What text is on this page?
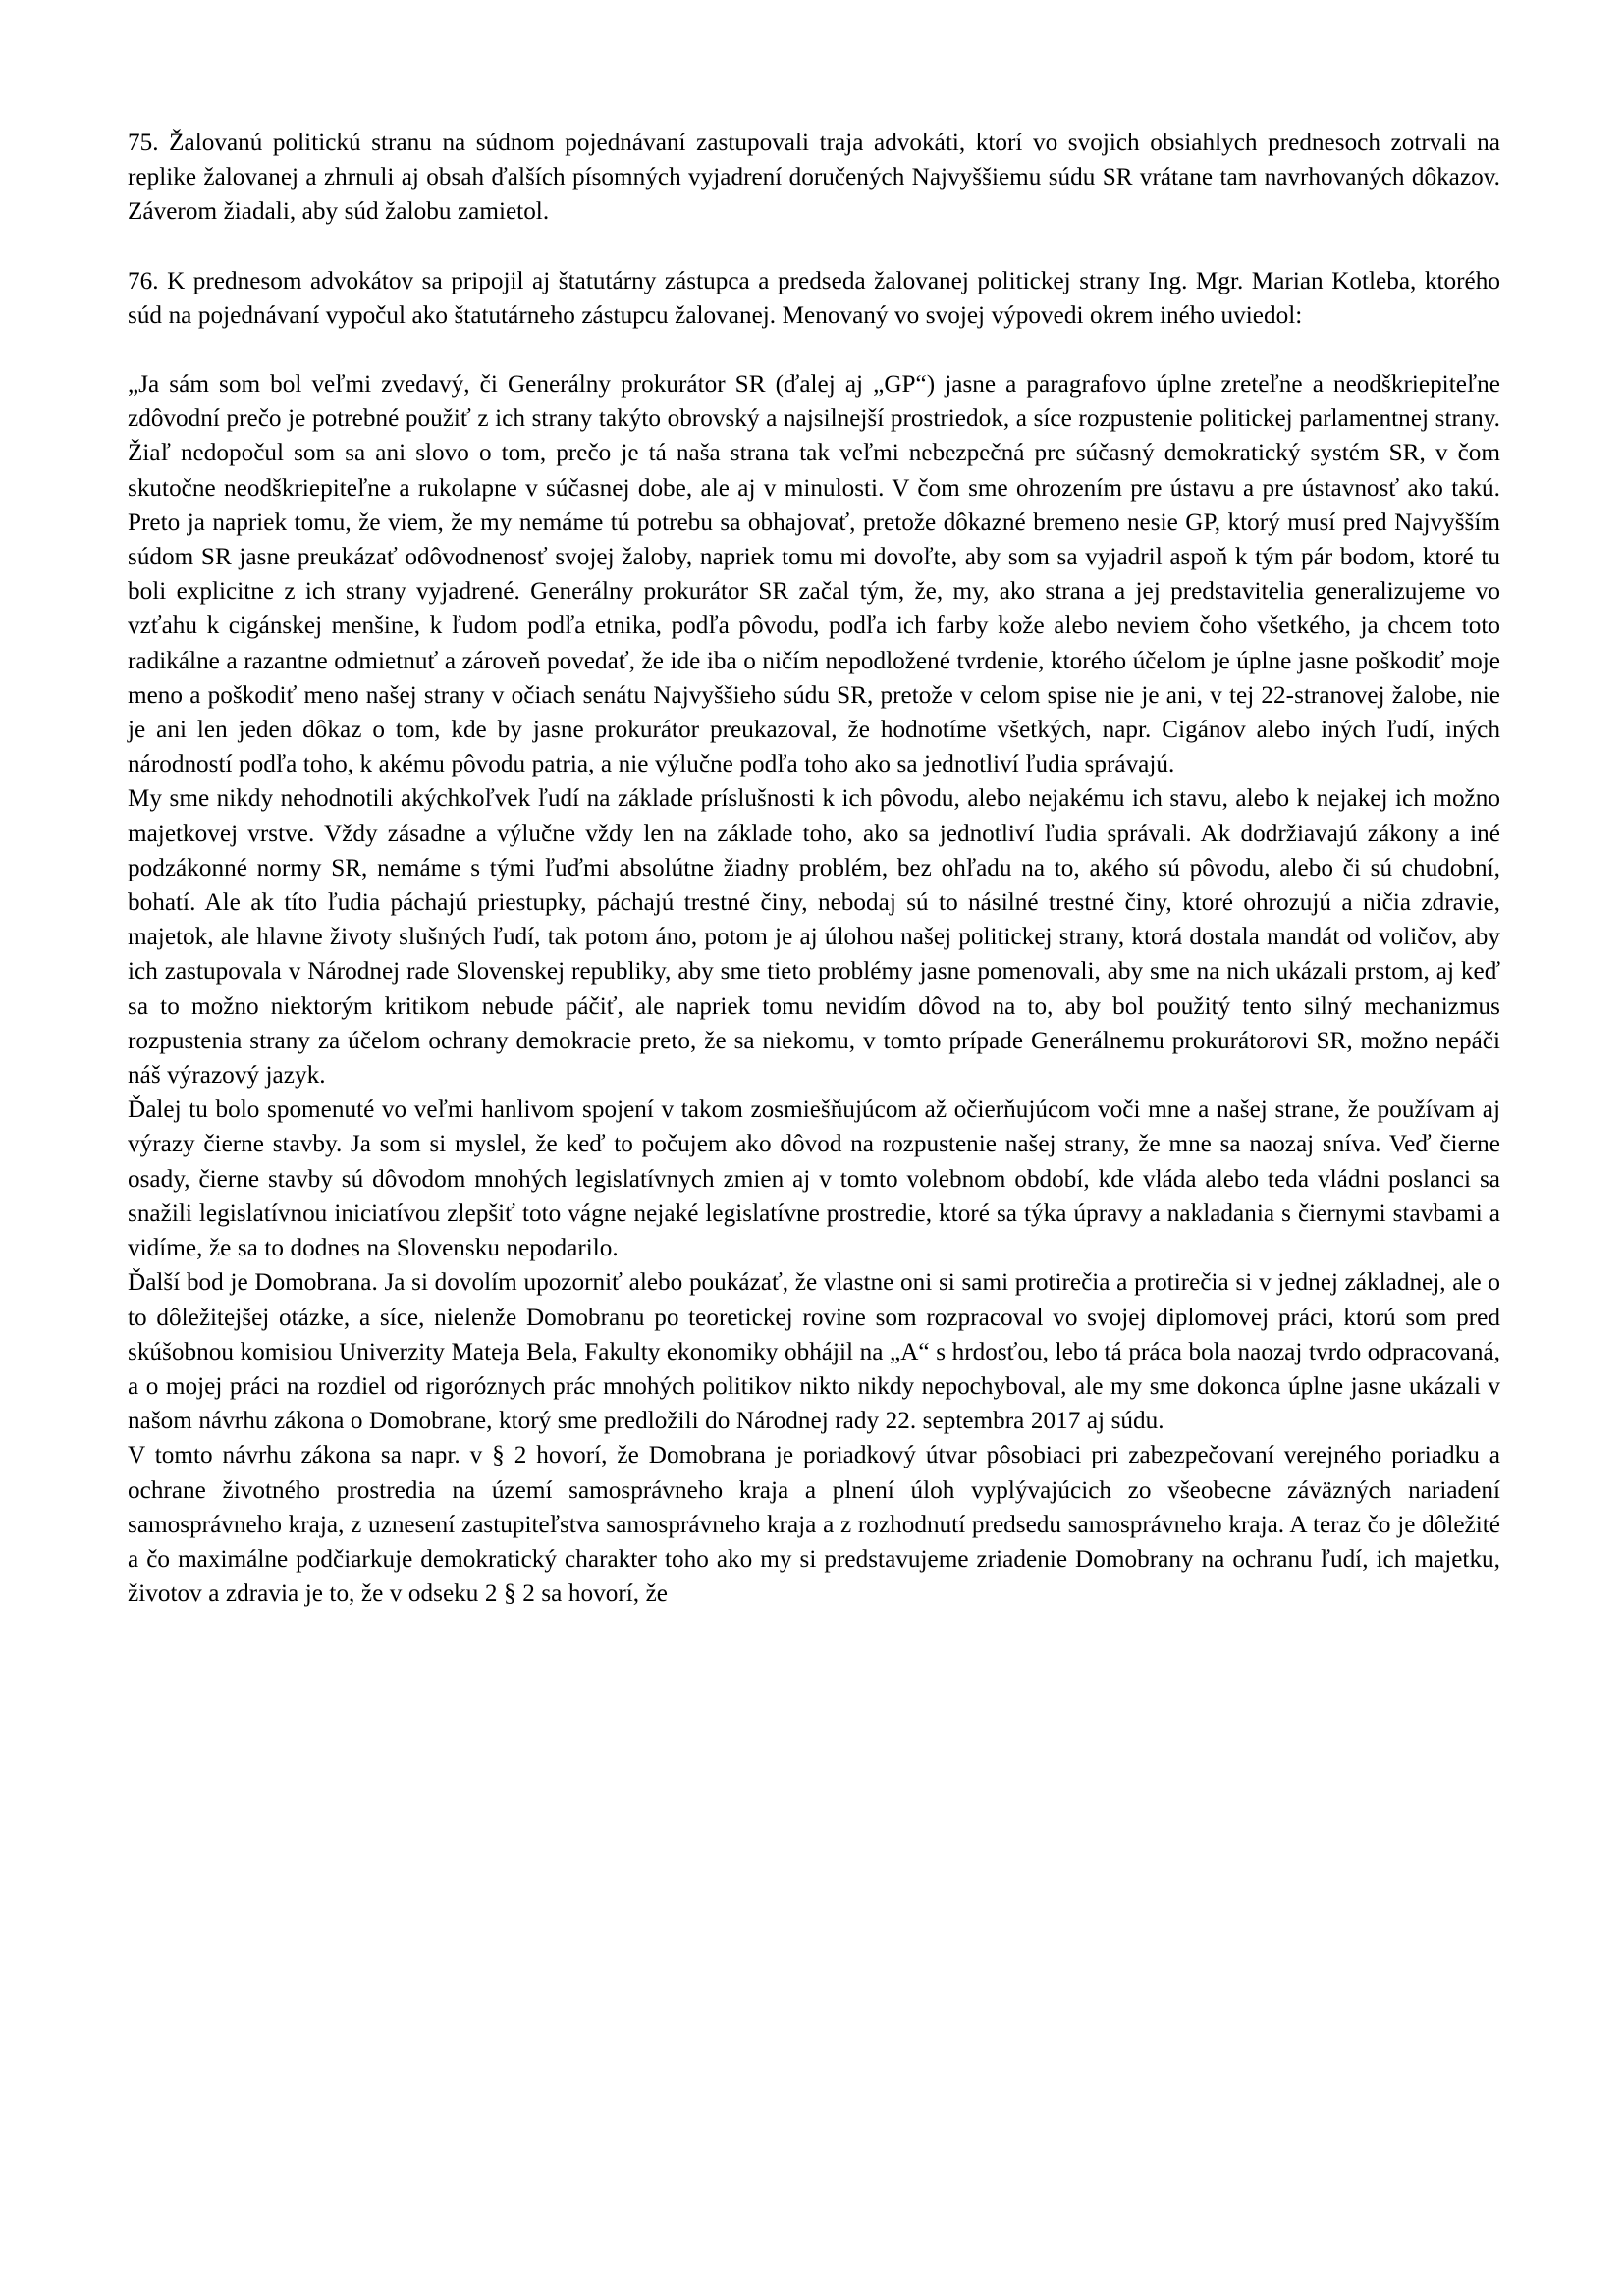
75. Žalovanú politickú stranu na súdnom pojednávaní zastupovali traja advokáti, ktorí vo svojich obsiahlych prednesoch zotrvali na replike žalovanej a zhrnuli aj obsah ďalších písomných vyjadrení doručených Najvyššiemu súdu SR vrátane tam navrhovaných dôkazov. Záverom žiadali, aby súd žalobu zamietol.

76. K prednesom advokátov sa pripojil aj štatutárny zástupca a predseda žalovanej politickej strany Ing. Mgr. Marian Kotleba, ktorého súd na pojednávaní vypočul ako štatutárneho zástupcu žalovanej. Menovaný vo svojej výpovedi okrem iného uviedol:

„Ja sám som bol veľmi zvedavý, či Generálny prokurátor SR (ďalej aj „GP“) jasne a paragrafovo úplne zreteľne a neodškriepiteľne zdôvodní prečo je potrebné použiť z ich strany takýto obrovský a najsilnejší prostriedok, a síce rozpustenie politickej parlamentnej strany. Žiaľ nedopočul som sa ani slovo o tom, prečo je tá naša strana tak veľmi nebezpečná pre súčasný demokratický systém SR, v čom skutočne neodškriepiteľne a rukolapne v súčasnej dobe, ale aj v minulosti. V čom sme ohrozením pre ústavu a pre ústavnosť ako takú. Preto ja napriek tomu, že viem, že my nemáme tú potrebu sa obhajovať, pretože dôkazné bremeno nesie GP, ktorý musí pred Najvyšším súdom SR jasne preukázať odôvodnenosť svojej žaloby, napriek tomu mi dovoľte, aby som sa vyjadril aspoň k tým pár bodom, ktoré tu boli explicitne z ich strany vyjadrené. Generálny prokurátor SR začal tým, že, my, ako strana a jej predstavitelia generalizujeme vo vzťahu k cigánskej menšine, k ľudom podľa etnika, podľa pôvodu, podľa ich farby kože alebo neviem čoho všetkého, ja chcem toto radikálne a razantne odmietnuť a zároveň povedať, že ide iba o ničím nepodložené tvrdenie, ktorého účelom je úplne jasne poškodiť moje meno a poškodiť meno našej strany v očiach senátu Najvyššieho súdu SR, pretože v celom spise nie je ani, v tej 22-stranovej žalobe, nie je ani len jeden dôkaz o tom, kde by jasne prokurátor preukazoval, že hodnotíme všetkých, napr. Cigánov alebo iných ľudí, iných národností podľa toho, k akému pôvodu patria, a nie výlučne podľa toho ako sa jednotliví ľudia správajú.

My sme nikdy nehodnotili akýchkoľvek ľudí na základe príslušnosti k ich pôvodu, alebo nejakému ich stavu, alebo k nejakej ich možno majetkovej vrstve. Vždy zásadne a výlučne vždy len na základe toho, ako sa jednotliví ľudia správali. Ak dodržiavajú zákony a iné podzákonné normy SR, nemáme s tými ľuďmi absolútne žiadny problém, bez ohľadu na to, akého sú pôvodu, alebo či sú chudobní, bohatí. Ale ak títo ľudia páchajú priestupky, páchajú trestné činy, nebodaj sú to násilné trestné činy, ktoré ohrozujú a ničia zdravie, majetok, ale hlavne životy slušných ľudí, tak potom áno, potom je aj úlohou našej politickej strany, ktorá dostala mandát od voličov, aby ich zastupovala v Národnej rade Slovenskej republiky, aby sme tieto problémy jasne pomenovali, aby sme na nich ukázali prstom, aj keď sa to možno niektorým kritikom nebude páčiť, ale napriek tomu nevidím dôvod na to, aby bol použitý tento silný mechanizmus rozpustenia strany za účelom ochrany demokracie preto, že sa niekomu, v tomto prípade Generálnemu prokurátorovi SR, možno nepáči náš výrazový jazyk.

Ďalej tu bolo spomenuté vo veľmi hanlivom spojení v takom zosmiešňujúcom až očierňujúcom voči mne a našej strane, že používam aj výrazy čierne stavby. Ja som si myslel, že keď to počujem ako dôvod na rozpustenie našej strany, že mne sa naozaj sníva. Veď čierne osady, čierne stavby sú dôvodom mnohých legislatívnych zmien aj v tomto volebnom období, kde vláda alebo teda vládni poslanci sa snažili legislatívnou iniciatívou zlepšiť toto vágne nejaké legislatívne prostredie, ktoré sa týka úpravy a nakladania s čiernymi stavbami a vidíme, že sa to dodnes na Slovensku nepodarilo.

Ďalší bod je Domobrana. Ja si dovolím upozorniť alebo poukázať, že vlastne oni si sami protirečia a protirečia si v jednej základnej, ale o to dôležitejšej otázke, a síce, nielenže Domobranu po teoretickej rovine som rozpracoval vo svojej diplomovej práci, ktorú som pred skúšobnou komisiou Univerzity Mateja Bela, Fakulty ekonomiky obhájil na „A“ s hrdosťou, lebo tá práca bola naozaj tvrdo odpracovaná, a o mojej práci na rozdiel od rigoróznych prác mnohých politikov nikto nikdy nepochyboval, ale my sme dokonca úplne jasne ukázali v našom návrhu zákona o Domobrane, ktorý sme predložili do Národnej rady 22. septembra 2017 aj súdu.

V tomto návrhu zákona sa napr. v § 2 hovorí, že Domobrana je poriadkový útvar pôsobiaci pri zabezpečovaní verejného poriadku a ochrane životného prostredia na území samosprávneho kraja a plnení úloh vyplývajúcich zo všeobecne záväzných nariadení samosprávneho kraja, z uznesení zastupiteľstva samosprávneho kraja a z rozhodnutí predsedu samosprávneho kraja. A teraz čo je dôležité a čo maximálne podčiarkuje demokratický charakter toho ako my si predstavujeme zriadenie Domobrany na ochranu ľudí, ich majetku, životov a zdravia je to, že v odseku 2 § 2 sa hovorí, že
